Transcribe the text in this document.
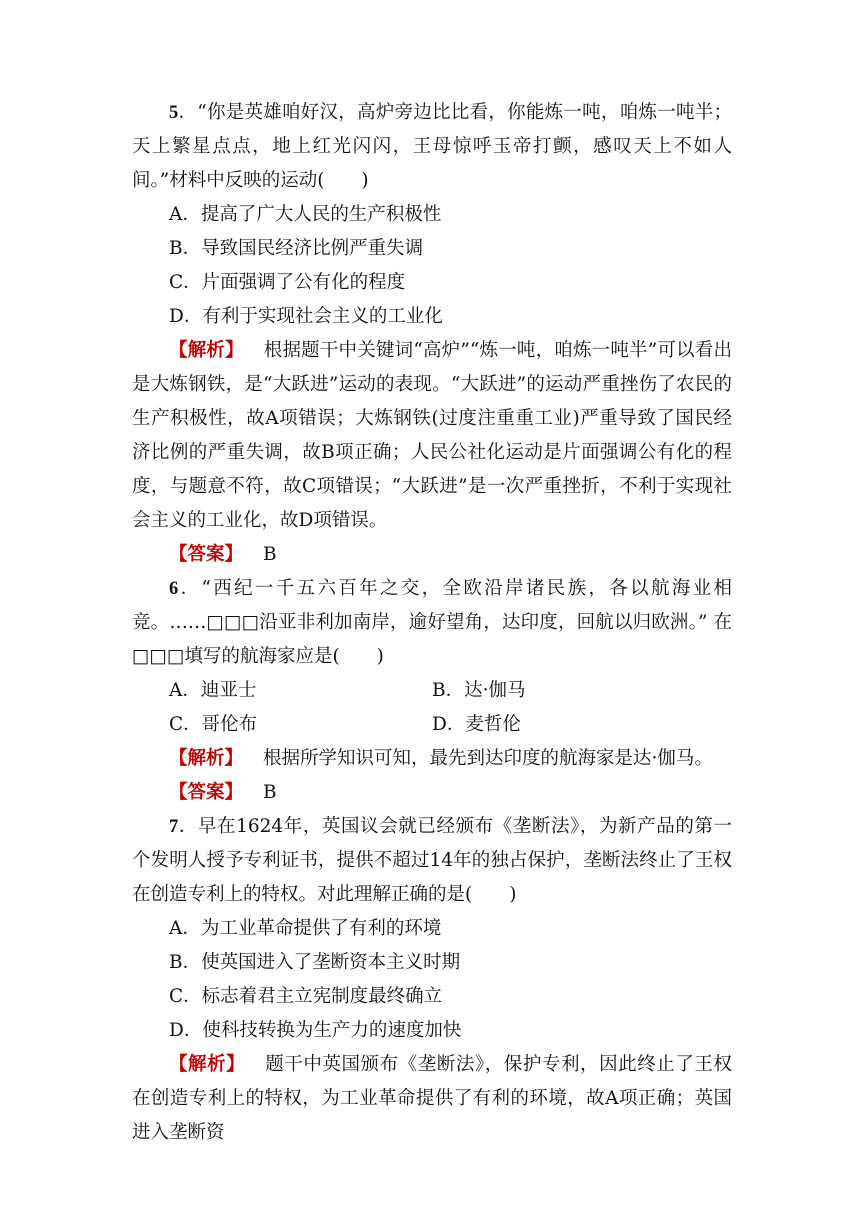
5．“你是英雄咱好汉，高炉旁边比比看，你能炼一吨，咱炼一吨半；天上繁星点点，地上红光闪闪，王母惊呼玉帝打颤，感叹天上不如人间。”材料中反映的运动(　　)

A．提高了广大人民的生产积极性

B．导致国民经济比例严重失调

C．片面强调了公有化的程度

D．有利于实现社会主义的工业化

【解析】 根据题干中关键词“高炉”“炼一吨，咱炼一吨半”可以看出是大炼钢铁，是“大跃进”运动的表现。“大跃进”的运动严重挫伤了农民的生产积极性，故A项错误；大炼钢铁(过度注重重工业)严重导致了国民经济比例的严重失调，故B项正确；人民公社化运动是片面强调公有化的程度，与题意不符，故C项错误；“大跃进”是一次严重挫折，不利于实现社会主义的工业化，故D项错误。

【答案】 B

6．“西纪一千五六百年之交，全欧沿岸诸民族，各以航海业相竞。……□□□沿亚非利加南岸，逾好望角，达印度，回航以归欧洲。” 在□□□填写的航海家应是(　　)

A．迪亚士	B．达·伽马
C．哥伦布	D．麦哲伦

【解析】 根据所学知识可知，最先到达印度的航海家是达·伽马。

【答案】 B

7．早在1624年，英国议会就已经颁布《垄断法》，为新产品的第一个发明人授予专利证书，提供不超过14年的独占保护，垄断法终止了王权在创造专利上的特权。对此理解正确的是(　　)

A．为工业革命提供了有利的环境

B．使英国进入了垄断资本主义时期

C．标志着君主立宪制度最终确立

D．使科技转换为生产力的速度加快

【解析】 题干中英国颁布《垄断法》，保护专利，因此终止了王权在创造专利上的特权，为工业革命提供了有利的环境，故A项正确；英国进入垄断资
